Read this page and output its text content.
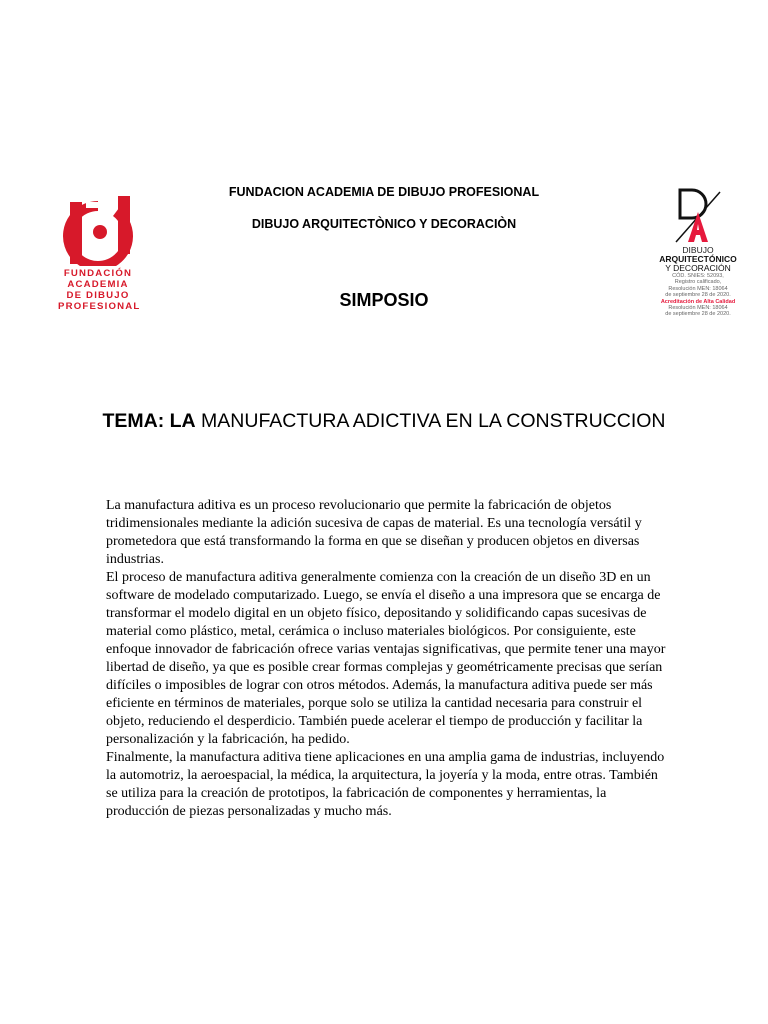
FUNDACIÓN
ACADEMIA
DE DIBUJO
PROFESIONAL
FUNDACION ACADEMIA DE DIBUJO PROFESIONAL
DIBUJO ARQUITECTÒNICO Y DECORACIÒN
SIMPOSIO
DIBUJO
ARQUITECTÓNICO
Y DECORACIÓN
CÓD. SNIES: 52093,
Registro calificado,
Resolución MEN: 18064
de septiembre 28 de 2020.
Acreditación de Alta Calidad
Resolución MEN: 18064
de septiembre 28 de 2020.
TEMA: LA MANUFACTURA ADICTIVA EN LA CONSTRUCCION

La manufactura aditiva es un proceso revolucionario que permite la fabricación de objetos tridimensionales mediante la adición sucesiva de capas de material. Es una tecnología versátil y prometedora que está transformando la forma en que se diseñan y producen objetos en diversas industrias.

El proceso de manufactura aditiva generalmente comienza con la creación de un diseño 3D en un software de modelado computarizado. Luego, se envía el diseño a una impresora que se encarga de transformar el modelo digital en un objeto físico, depositando y solidificando capas sucesivas de material como plástico, metal, cerámica o incluso materiales biológicos. Por consiguiente, este enfoque innovador de fabricación ofrece varias ventajas significativas, que permite tener una mayor libertad de diseño, ya que es posible crear formas complejas y geométricamente precisas que serían difíciles o imposibles de lograr con otros métodos. Además, la manufactura aditiva puede ser más eficiente en términos de materiales, porque solo se utiliza la cantidad necesaria para construir el objeto, reduciendo el desperdicio. También puede acelerar el tiempo de producción y facilitar la personalización y la fabricación, ha pedido.

Finalmente, la manufactura aditiva tiene aplicaciones en una amplia gama de industrias, incluyendo la automotriz, la aeroespacial, la médica, la arquitectura, la joyería y la moda, entre otras. También se utiliza para la creación de prototipos, la fabricación de componentes y herramientas, la producción de piezas personalizadas y mucho más.
